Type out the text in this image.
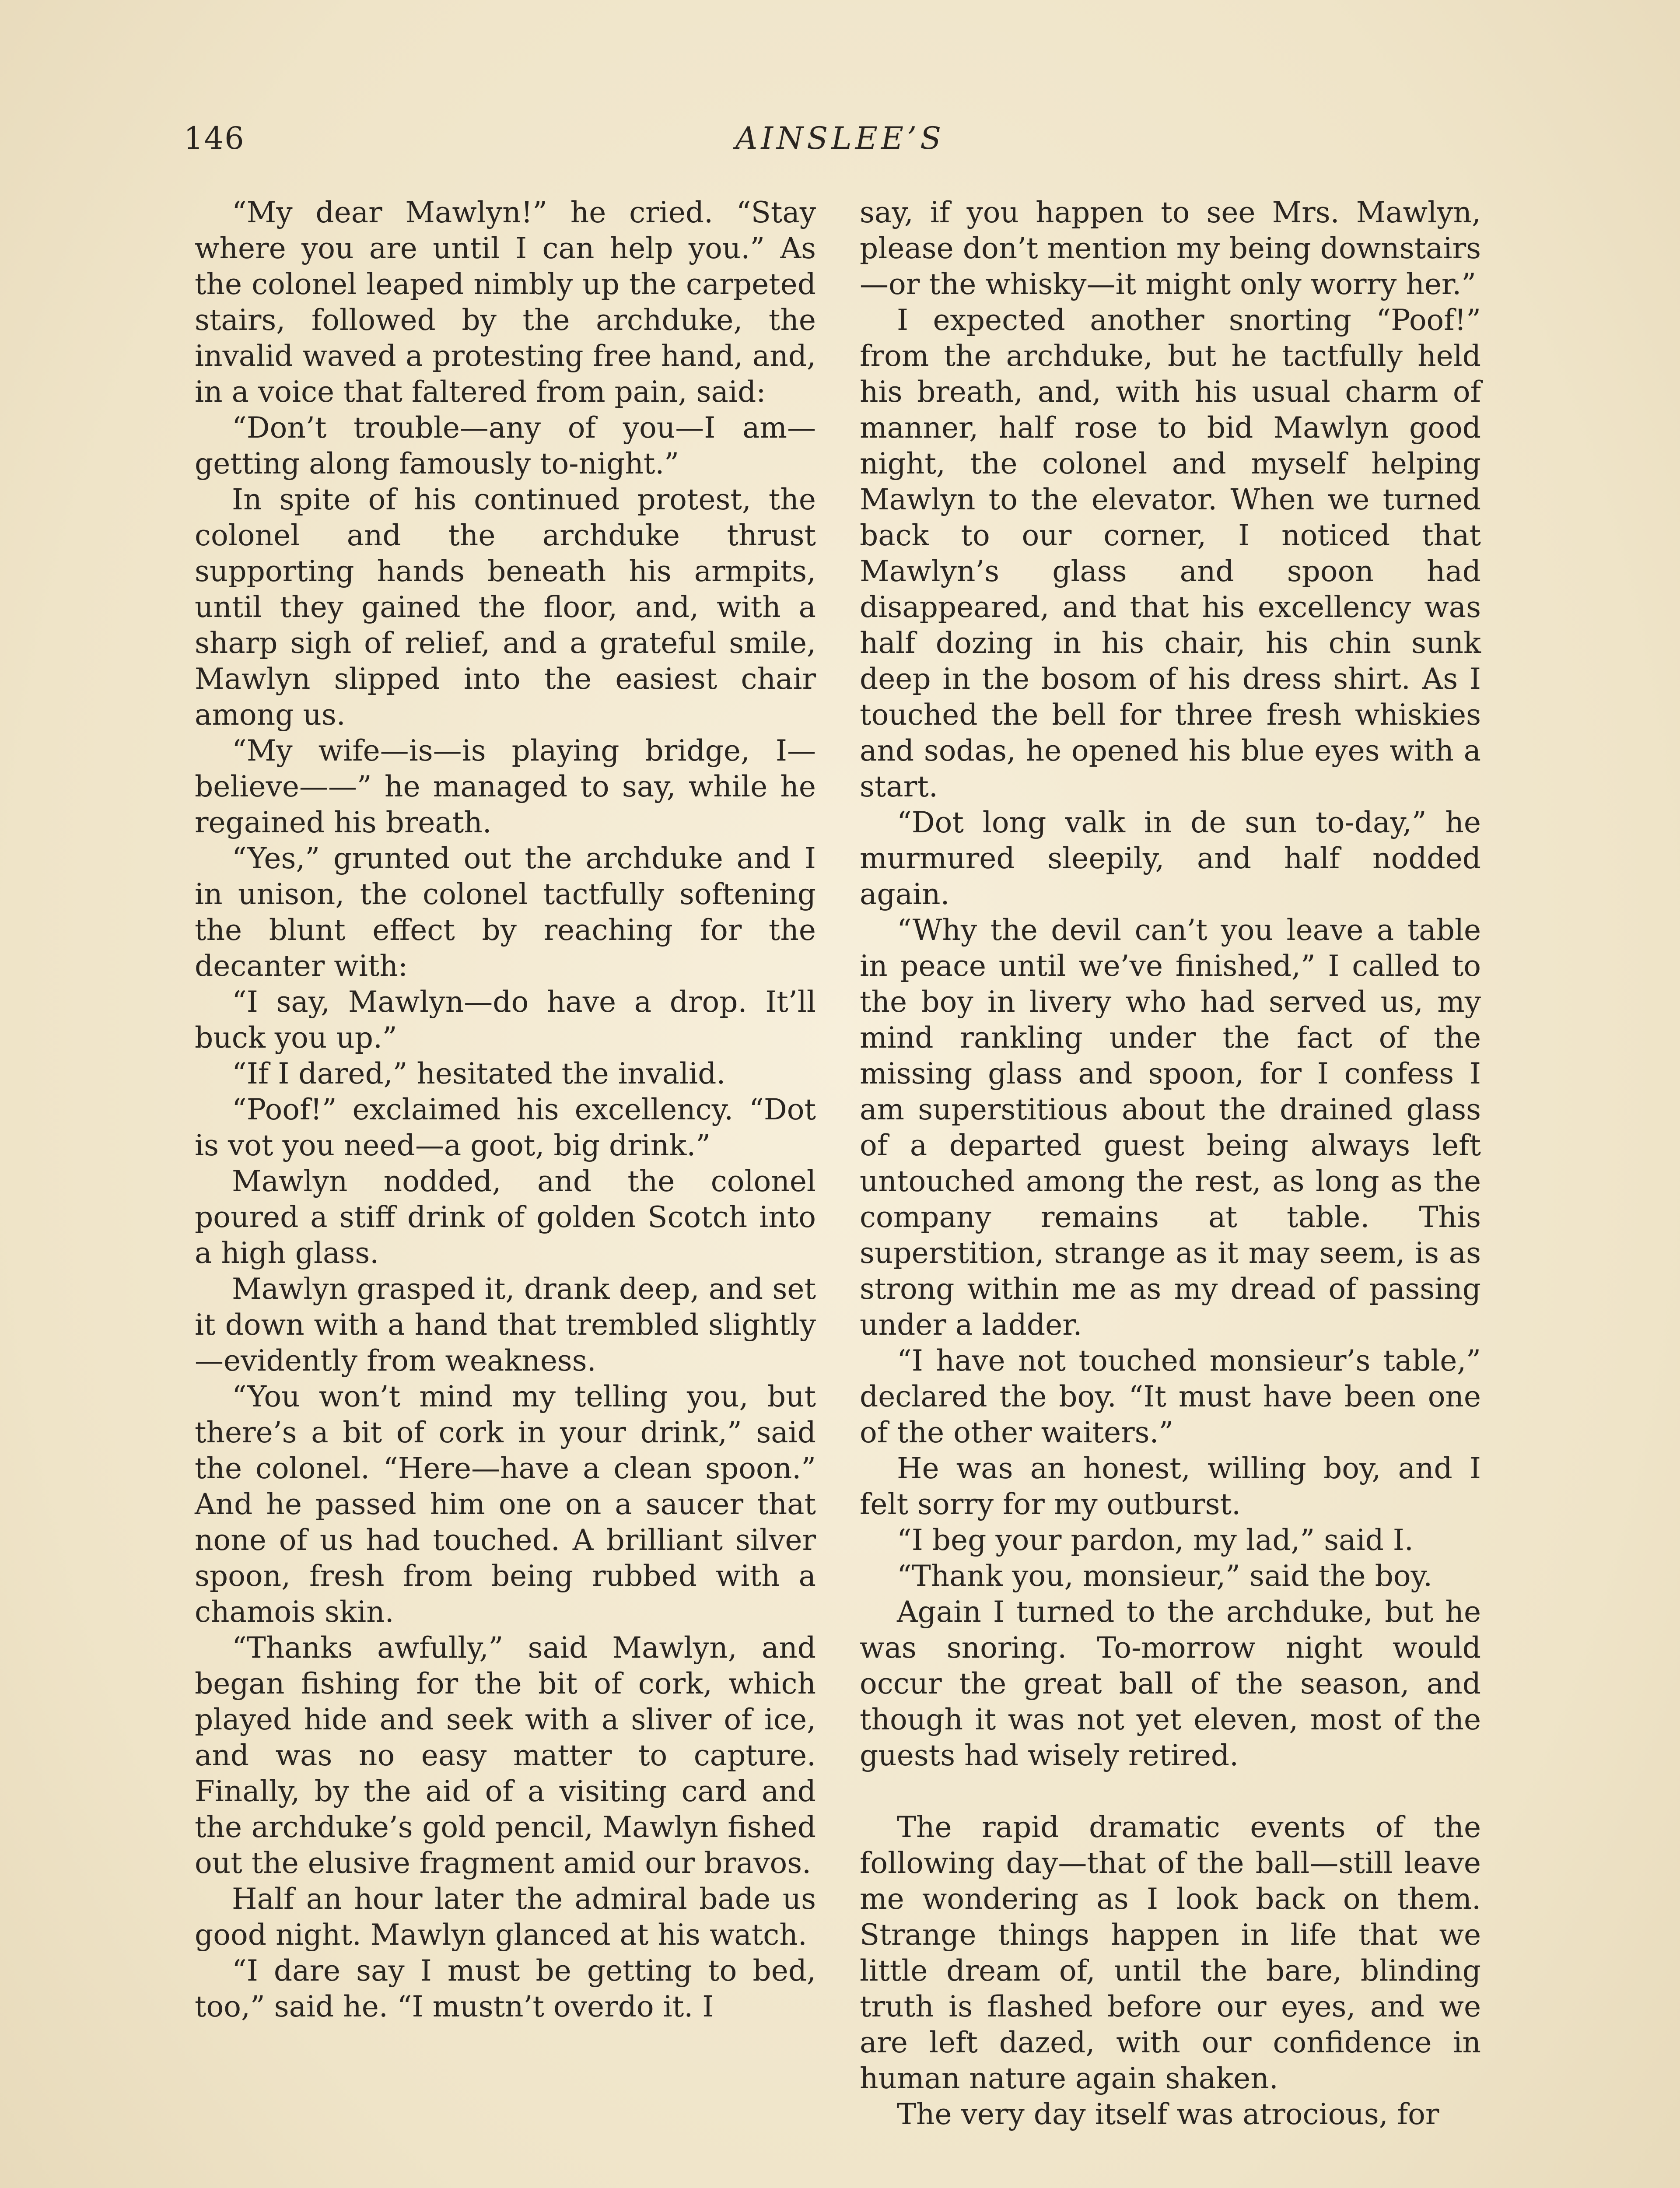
146	AINSLEE’S

“My dear Mawlyn!” he cried. “Stay where you are until I can help you.” As the colonel leaped nimbly up the carpeted stairs, followed by the archduke, the invalid waved a protesting free hand, and, in a voice that faltered from pain, said:

“Don’t trouble—any of you—I am—getting along famously to-night.”

In spite of his continued protest, the colonel and the archduke thrust supporting hands beneath his armpits, until they gained the floor, and, with a sharp sigh of relief, and a grateful smile, Mawlyn slipped into the easiest chair among us.

“My wife—is—is playing bridge, I—believe——” he managed to say, while he regained his breath.

“Yes,” grunted out the archduke and I in unison, the colonel tactfully softening the blunt effect by reaching for the decanter with:

“I say, Mawlyn—do have a drop. It’ll buck you up.”

“If I dared,” hesitated the invalid.

“Poof!” exclaimed his excellency. “Dot is vot you need—a goot, big drink.”

Mawlyn nodded, and the colonel poured a stiff drink of golden Scotch into a high glass.

Mawlyn grasped it, drank deep, and set it down with a hand that trembled slightly—evidently from weakness.

“You won’t mind my telling you, but there’s a bit of cork in your drink,” said the colonel. “Here—have a clean spoon.” And he passed him one on a saucer that none of us had touched. A brilliant silver spoon, fresh from being rubbed with a chamois skin.

“Thanks awfully,” said Mawlyn, and began fishing for the bit of cork, which played hide and seek with a sliver of ice, and was no easy matter to capture. Finally, by the aid of a visiting card and the archduke’s gold pencil, Mawlyn fished out the elusive fragment amid our bravos.

Half an hour later the admiral bade us good night. Mawlyn glanced at his watch.

“I dare say I must be getting to bed, too,” said he. “I mustn’t overdo it. I

say, if you happen to see Mrs. Mawlyn, please don’t mention my being downstairs—or the whisky—it might only worry her.”

I expected another snorting “Poof!” from the archduke, but he tactfully held his breath, and, with his usual charm of manner, half rose to bid Mawlyn good night, the colonel and myself helping Mawlyn to the elevator. When we turned back to our corner, I noticed that Mawlyn’s glass and spoon had disappeared, and that his excellency was half dozing in his chair, his chin sunk deep in the bosom of his dress shirt. As I touched the bell for three fresh whiskies and sodas, he opened his blue eyes with a start.

“Dot long valk in de sun to-day,” he murmured sleepily, and half nodded again.

“Why the devil can’t you leave a table in peace until we’ve finished,” I called to the boy in livery who had served us, my mind rankling under the fact of the missing glass and spoon, for I confess I am superstitious about the drained glass of a departed guest being always left untouched among the rest, as long as the company remains at table. This superstition, strange as it may seem, is as strong within me as my dread of passing under a ladder.

“I have not touched monsieur’s table,” declared the boy. “It must have been one of the other waiters.”

He was an honest, willing boy, and I felt sorry for my outburst.

“I beg your pardon, my lad,” said I.

“Thank you, monsieur,” said the boy.

Again I turned to the archduke, but he was snoring. To-morrow night would occur the great ball of the season, and though it was not yet eleven, most of the guests had wisely retired.

The rapid dramatic events of the following day—that of the ball—still leave me wondering as I look back on them. Strange things happen in life that we little dream of, until the bare, blinding truth is flashed before our eyes, and we are left dazed, with our confidence in human nature again shaken.

The very day itself was atrocious, for
